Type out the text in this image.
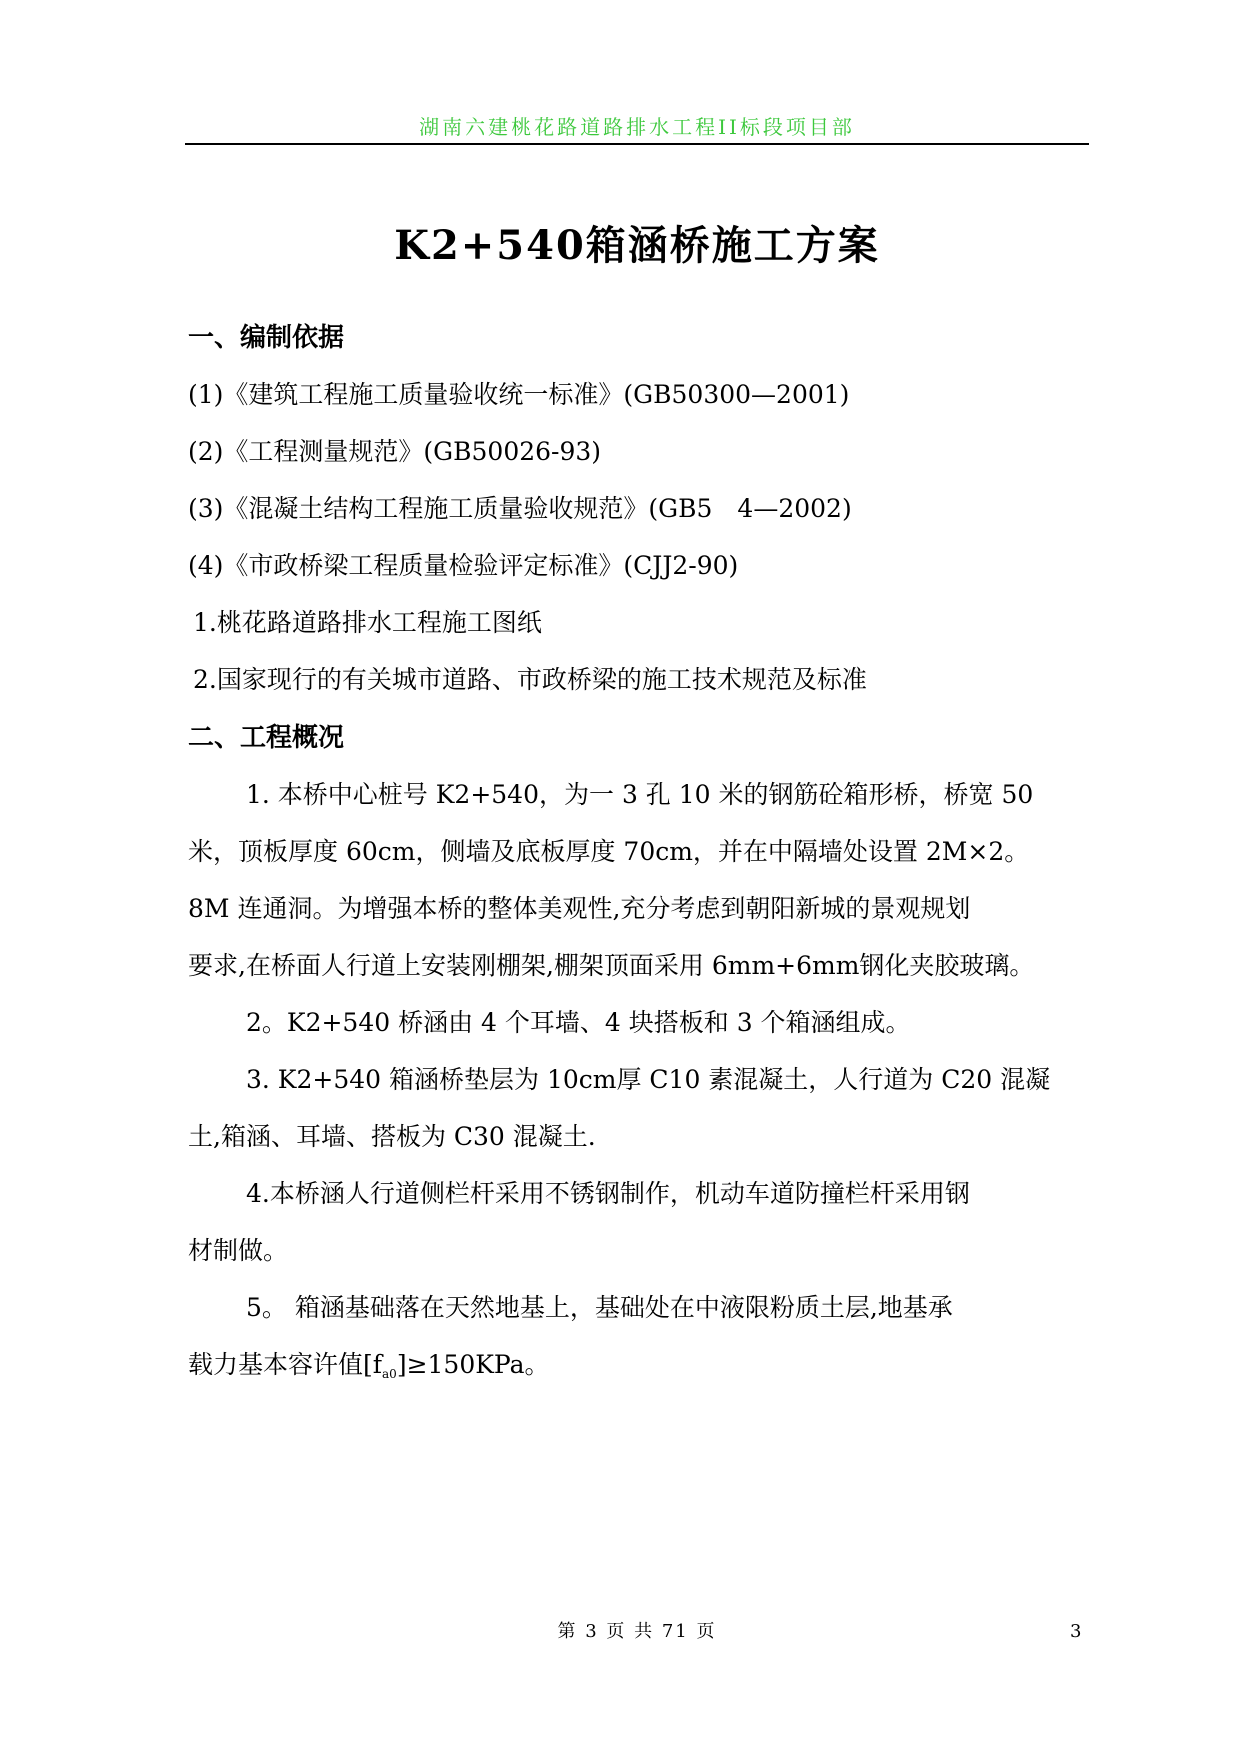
湖南六建桃花路道路排水工程II标段项目部
K2+540箱涵桥施工方案
一、编制依据
(1)《建筑工程施工质量验收统一标准》(GB50300—2001)
(2)《工程测量规范》(GB50026-93)
(3)《混凝土结构工程施工质量验收规范》(GB5　4—2002)
(4)《市政桥梁工程质量检验评定标准》(CJJ2-90)
1.桃花路道路排水工程施工图纸
2.国家现行的有关城市道路、市政桥梁的施工技术规范及标准
二、工程概况
1. 本桥中心桩号 K2+540，为一 3 孔 10 米的钢筋砼箱形桥，桥宽 50
米，顶板厚度 60cm，侧墙及底板厚度 70cm，并在中隔墙处设置 2M×2。
8M 连通洞。为增强本桥的整体美观性,充分考虑到朝阳新城的景观规划
要求,在桥面人行道上安装刚棚架,棚架顶面采用 6mm+6mm钢化夹胶玻璃。
2。K2+540 桥涵由 4 个耳墙、4 块搭板和 3 个箱涵组成。
3. K2+540 箱涵桥垫层为 10cm厚 C10 素混凝土，人行道为 C20 混凝
土,箱涵、耳墙、搭板为 C30 混凝土.
4.本桥涵人行道侧栏杆采用不锈钢制作，机动车道防撞栏杆采用钢
材制做。
5。 箱涵基础落在天然地基上，基础处在中液限粉质土层,地基承
载力基本容许值$[f_{a0}]\ge 150KPa$。
第 3 页 共 71 页	3
